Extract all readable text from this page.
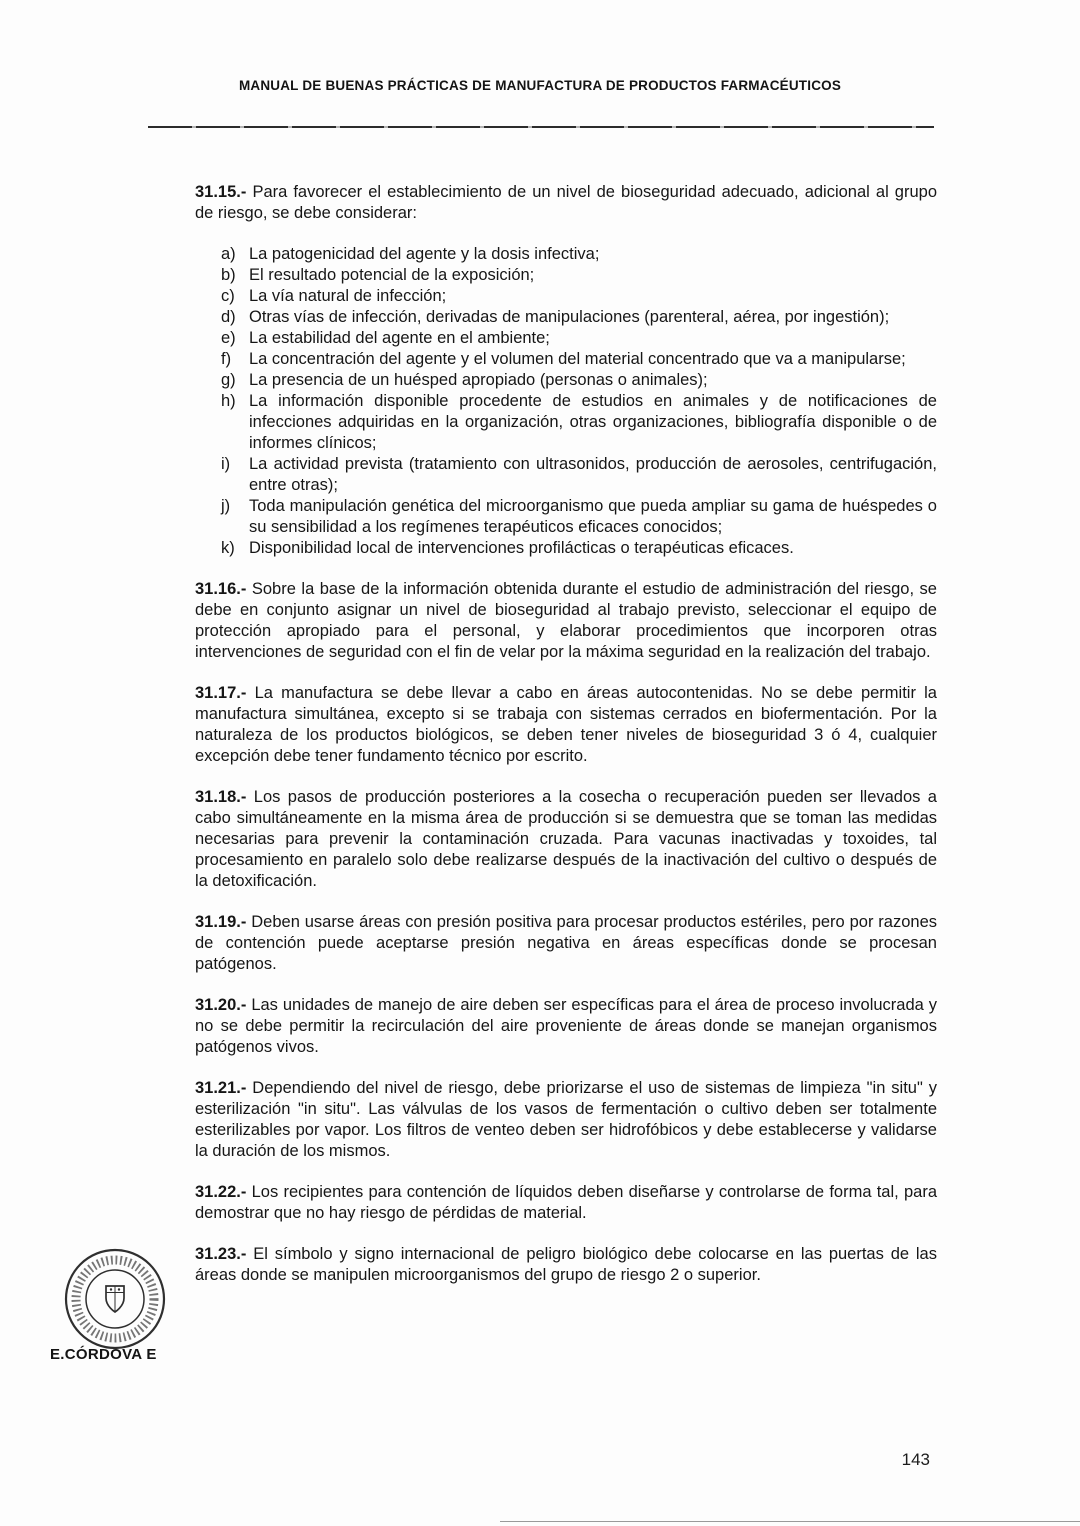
MANUAL DE BUENAS PRÁCTICAS DE MANUFACTURA DE PRODUCTOS FARMACÉUTICOS

31.15.- Para favorecer el establecimiento de un nivel de bioseguridad adecuado, adicional al grupo de riesgo, se debe considerar:

a) La patogenicidad del agente y la dosis infectiva;
b) El resultado potencial de la exposición;
c) La vía natural de infección;
d) Otras vías de infección, derivadas de manipulaciones (parenteral, aérea, por ingestión);
e) La estabilidad del agente en el ambiente;
f)	La concentración del agente y el volumen del material concentrado que va a manipularse;
g) La presencia de un huésped apropiado (personas o animales);
h) La información disponible procedente de estudios en animales y de notificaciones de infecciones adquiridas en la organización, otras organizaciones, bibliografía disponible o de informes clínicos;
i)	La actividad prevista (tratamiento con ultrasonidos, producción de aerosoles, centrifugación, entre otras);
j)	Toda manipulación genética del microorganismo que pueda ampliar su gama de huéspedes o su sensibilidad a los regímenes terapéuticos eficaces conocidos;
k) Disponibilidad local de intervenciones profilácticas o terapéuticas eficaces.

31.16.- Sobre la base de la información obtenida durante el estudio de administración del riesgo, se debe en conjunto asignar un nivel de bioseguridad al trabajo previsto, seleccionar el equipo de protección apropiado para el personal, y elaborar procedimientos que incorporen otras intervenciones de seguridad con el fin de velar por la máxima seguridad en la realización del trabajo.

31.17.- La manufactura se debe llevar a cabo en áreas autocontenidas. No se debe permitir la manufactura simultánea, excepto si se trabaja con sistemas cerrados en biofermentación. Por la naturaleza de los productos biológicos, se deben tener niveles de bioseguridad 3 ó 4, cualquier excepción debe tener fundamento técnico por escrito.

31.18.- Los pasos de producción posteriores a la cosecha o recuperación pueden ser llevados a cabo simultáneamente en la misma área de producción si se demuestra que se toman las medidas necesarias para prevenir la contaminación cruzada. Para vacunas inactivadas y toxoides, tal procesamiento en paralelo solo debe realizarse después de la inactivación del cultivo o después de la detoxificación.

31.19.- Deben usarse áreas con presión positiva para procesar productos estériles, pero por razones de contención puede aceptarse presión negativa en áreas específicas donde se procesan patógenos.

31.20.- Las unidades de manejo de aire deben ser específicas para el área de proceso involucrada y no se debe permitir la recirculación del aire proveniente de áreas donde se manejan organismos patógenos vivos.

31.21.- Dependiendo del nivel de riesgo, debe priorizarse el uso de sistemas de limpieza "in situ" y esterilización "in situ". Las válvulas de los vasos de fermentación o cultivo deben ser totalmente esterilizables por vapor. Los filtros de venteo deben ser hidrofóbicos y debe establecerse y validarse la duración de los mismos.

31.22.- Los recipientes para contención de líquidos deben diseñarse y controlarse de forma tal, para demostrar que no hay riesgo de pérdidas de material.

31.23.- El símbolo y signo internacional de peligro biológico debe colocarse en las puertas de las áreas donde se manipulen microorganismos del grupo de riesgo 2 o superior.

E.CÓRDOVA E
143
